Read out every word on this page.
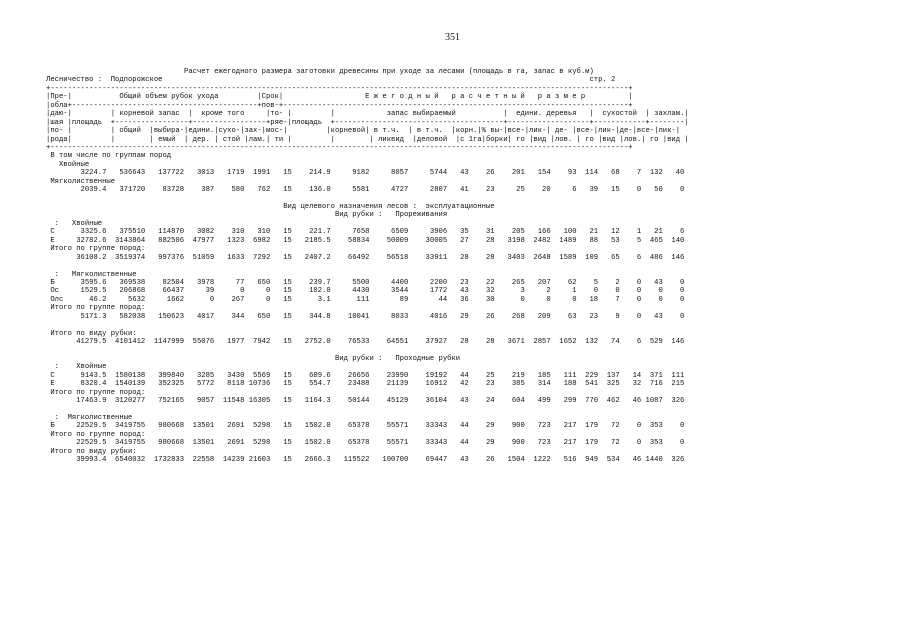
351
Расчет ежегодного размера заготовки древесины при уходе за лесами (площадь в га, запас в куб.м)
Лесничество :  Подпорожское                                                                                                   стр. 2
+--------------------------------------------------------------------------------------------------------------------------------------+
|Пре-|           Общий объем рубок ухода         |Срок|                   Е ж е г о д н ы й   р а с ч е т н ы й   р а з м е р          |
|обла+-------------------------------------------+пов-+--------------------------------------------------------------------------------+
|даю-|         | корневой запас  |  кроме того     |то- |         |            запас выбираемый           |  едини. деревья   |  сухостой  | захлам.|
|шая |площадь  +-----------------+-----------------+ряе-|площадь  +---------------------------------------+-------------------+------------+--------|
|по- |         | общий  |выбира-|едини.|сухо-|зах-|мос-|         |корневой| в т.ч.  | в т.ч.  |корн.|% вы-|все-|лик-| де- |все-|лик-|де-|все-|лик-|
|рода|         |        | емый  | дер. | стой |лам.| ти |         |        | ликвид  |деловой  |с 1га|борки| го |вид |лов. | го |вид |лов.| го |вид |
+--------------------------------------------------------------------------------------------------------------------------------------+
В том числе по группам пород
Хвойные
3224.7   536643   137722   3013   1719  1991   15    214.9     9182     8057     5744   43    26    201   154    93  114   68    7  132   40
Мягколиственные
2039.4   371720    83728    387    580   762   15    136.0     5581     4727     2807   41    23     25    20     6   39   15    0   50    0

Вид целевого назначения лесов :  эксплуатационные
Вид рубки :   Прореживания
:   Хвойные
С      3325.6   375510   114870   3082    310   310   15    221.7     7658     6509     3906   35    31    205   166   100   21   12    1   21    6
Е     32782.6  3143864   882506  47977   1323  6982   15   2185.5    58834    50009    30005   27    28   3198  2482  1489   88   53    5  465  140
Итого по группе пород:
36108.2  3519374   997376  51059   1633  7292   15   2407.2    66492    56518    33911   28    28   3403  2648  1589  109   65    6  486  146

:   Мягколиственные
Б      3595.6   369538    82504   3978     77   650   15    239.7     5500     4400     2200   23    22    265   207    62    5    2    0   43    0
Ос     1529.5   206868    66437     39      0     0   15    102.0     4430     3544     1772   43    32      3     2     1    0    0    0    0    0
Олс      46.2     5632     1662      0    267     0   15      3.1      111       89       44   36    30      0     0     0   18    7    0    0    0
Итого по группе пород:
5171.3   582038   150623   4017    344   650   15    344.8    10041     8033     4016   29    26    268   209    63   23    9    0   43    0

Итого по виду рубки:
41279.5  4101412  1147999  55076   1977  7942   15   2752.0    76533    64551    37927   28    28   3671  2857  1652  132   74    6  529  146

Вид рубки :   Проходные рубки
:    Хвойные
С      9143.5  1580138   399840   3285   3430  5569   15    609.6    26656    23990    19192   44    25    219   185   111  229  137   14  371  111
Е      8320.4  1540139   352325   5772   8118 10736   15    554.7    23488    21139    16912   42    23    385   314   188  541  325   32  716  215
Итого по группе пород:
17463.9  3120277   752165   9057  11548 16305   15   1164.3    50144    45129    36104   43    24    604   499   299  770  462   46 1087  326

:  Мягколиственные
Б     22529.5  3419755   980668  13501   2691  5298   15   1502.0    65378    55571    33343   44    29    900   723   217  179   72    0  353    0
Итого по группе пород:
22529.5  3419755   980668  13501   2691  5298   15   1502.0    65378    55571    33343   44    29    900   723   217  179   72    0  353    0
Итого по виду рубки:
39993.4  6540032  1732833  22558  14239 21603   15   2666.3   115522   100700    69447   43    26   1504  1222   516  949  534   46 1440  326
